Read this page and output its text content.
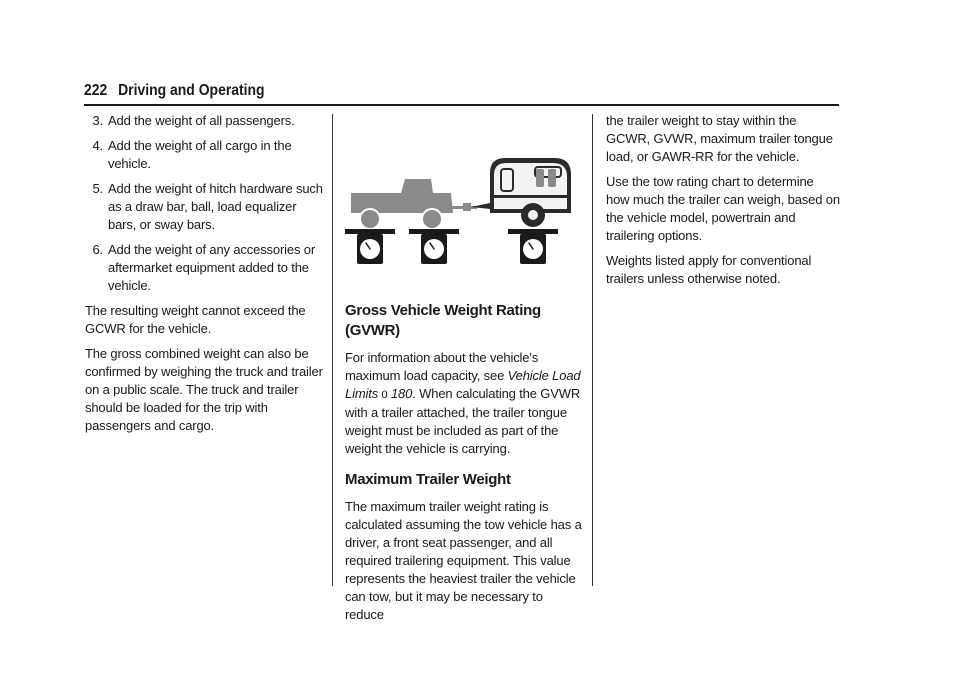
222 Driving and Operating
3. Add the weight of all passengers.
4. Add the weight of all cargo in the vehicle.
5. Add the weight of hitch hardware such as a draw bar, ball, load equalizer bars, or sway bars.
6. Add the weight of any accessories or aftermarket equipment added to the vehicle.

The resulting weight cannot exceed the GCWR for the vehicle.

The gross combined weight can also be confirmed by weighing the truck and trailer on a public scale. The truck and trailer should be loaded for the trip with passengers and cargo.

Gross Vehicle Weight Rating (GVWR)

For information about the vehicle's maximum load capacity, see Vehicle Load Limits 0 180. When calculating the GVWR with a trailer attached, the trailer tongue weight must be included as part of the weight the vehicle is carrying.

Maximum Trailer Weight

The maximum trailer weight rating is calculated assuming the tow vehicle has a driver, a front seat passenger, and all required trailering equipment. This value represents the heaviest trailer the vehicle can tow, but it may be necessary to reduce

the trailer weight to stay within the GCWR, GVWR, maximum trailer tongue load, or GAWR-RR for the vehicle.

Use the tow rating chart to determine how much the trailer can weigh, based on the vehicle model, powertrain and trailering options.

Weights listed apply for conventional trailers unless otherwise noted.
